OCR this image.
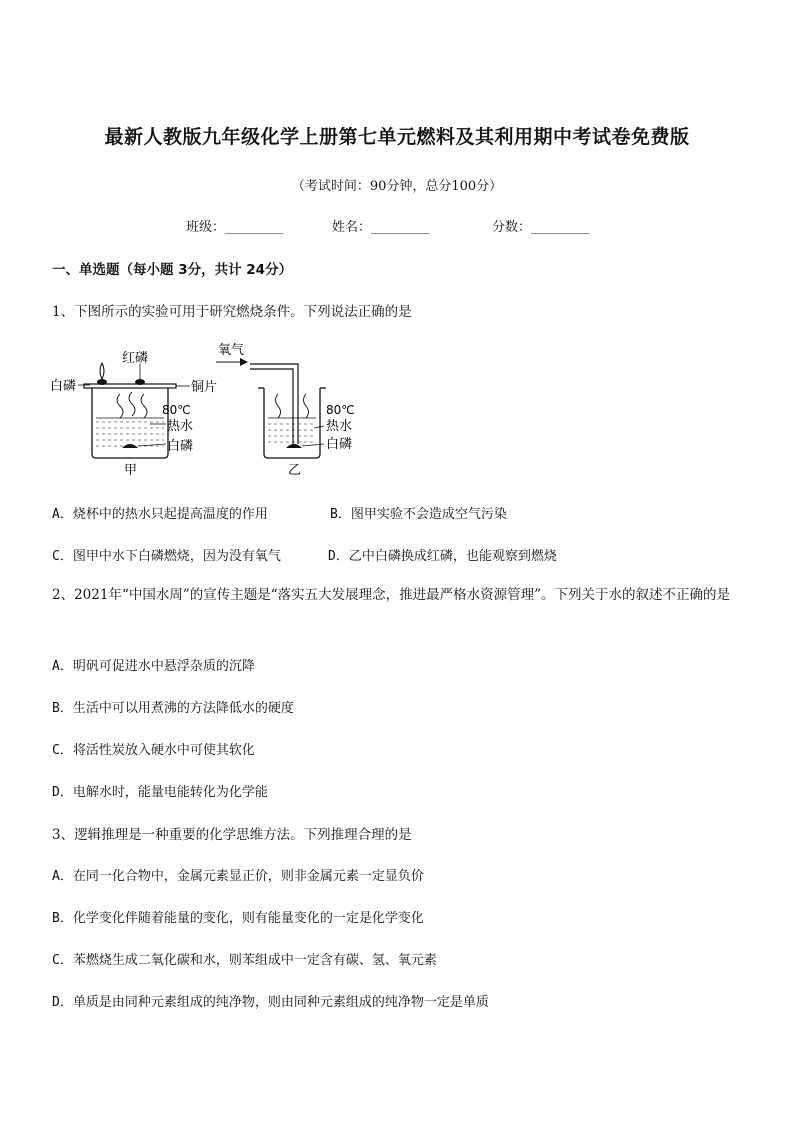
最新人教版九年级化学上册第七单元燃料及其利用期中考试卷免费版
（考试时间：90分钟，总分100分）
班级：_________	姓名：_________	分数：_________
一、单选题（每小题 3分，共计 24分）
1、下图所示的实验可用于研究燃烧条件。下列说法正确的是
红磷
白磷	铜片
80℃
热水
白磷
甲
氧气
80℃
热水
白磷
乙
A．烧杯中的热水只起提高温度的作用	B．图甲实验不会造成空气污染
C．图甲中水下白磷燃烧，因为没有氧气	D．乙中白磷换成红磷，也能观察到燃烧
2、2021年“中国水周”的宣传主题是“落实五大发展理念，推进最严格水资源管理”。下列关于水的叙述不正确的是
A．明矾可促进水中悬浮杂质的沉降
B．生活中可以用煮沸的方法降低水的硬度
C．将活性炭放入硬水中可使其软化
D．电解水时，能量电能转化为化学能
3、逻辑推理是一种重要的化学思维方法。下列推理合理的是
A．在同一化合物中，金属元素显正价，则非金属元素一定显负价
B．化学变化伴随着能量的变化，则有能量变化的一定是化学变化
C．苯燃烧生成二氧化碳和水，则苯组成中一定含有碳、氢、氧元素
D．单质是由同种元素组成的纯净物，则由同种元素组成的纯净物一定是单质
